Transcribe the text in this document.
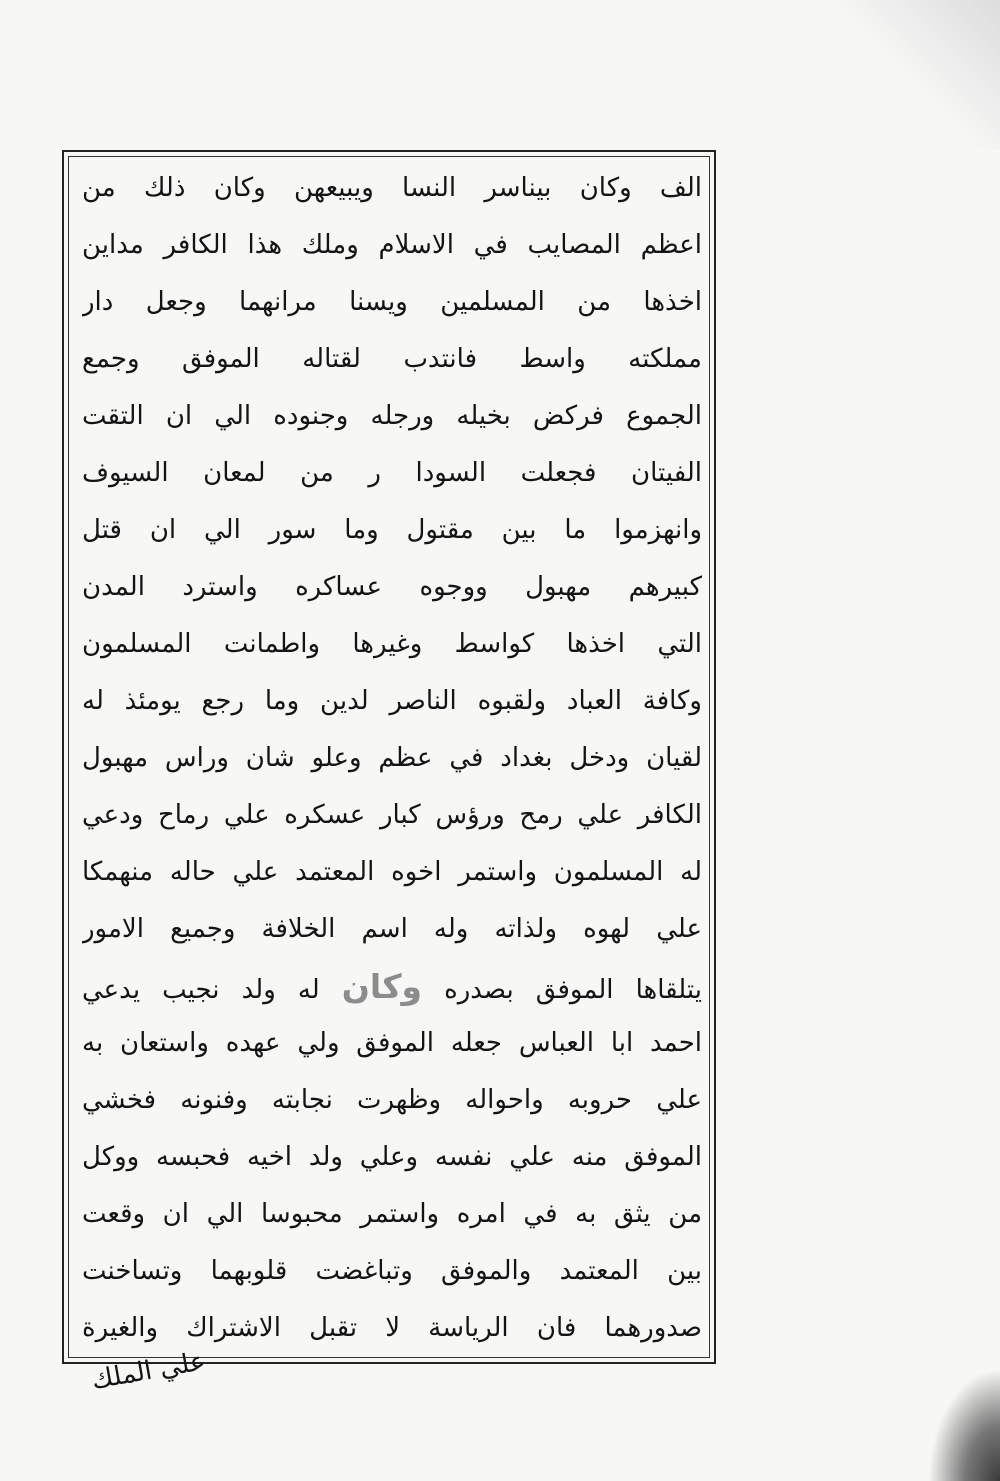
الف وكان بيناسر النسا ويبيعهن وكان ذلك من
اعظم المصايب في الاسلام وملك هذا الكافر مداين
اخذها من المسلمين ويسنا مرانهما وجعل دار
مملكته واسط فانتدب لقتاله الموفق وجمع
الجموع فركض بخيله ورجله وجنوده الي ان التقت
الفيتان فجعلت السودا ر من لمعان السيوف
وانهزموا ما بين مقتول وما سور الي ان قتل
كبيرهم مهبول ووجوه عساكره واسترد المدن
التي اخذها كواسط وغيرها واطمانت المسلمون
وكافة العباد ولقبوه الناصر لدين وما رجع يومئذ له
لقيان ودخل بغداد في عظم وعلو شان وراس مهبول
الكافر علي رمح ورؤس كبار عسكره علي رماح ودعي
له المسلمون واستمر اخوه المعتمد علي حاله منهمكا
علي لهوه ولذاته وله اسم الخلافة وجميع الامور
يتلقاها الموفق بصدره وكان له ولد نجيب يدعي
احمد ابا العباس جعله الموفق ولي عهده واستعان به
علي حروبه واحواله وظهرت نجابته وفنونه فخشي
الموفق منه علي نفسه وعلي ولد اخيه فحبسه ووكل
من يثق به في امره واستمر محبوسا الي ان وقعت
بين المعتمد والموفق وتباغضت قلوبهما وتساخنت
صدورهما فان الرياسة لا تقبل الاشتراك والغيرة
علي الملك
